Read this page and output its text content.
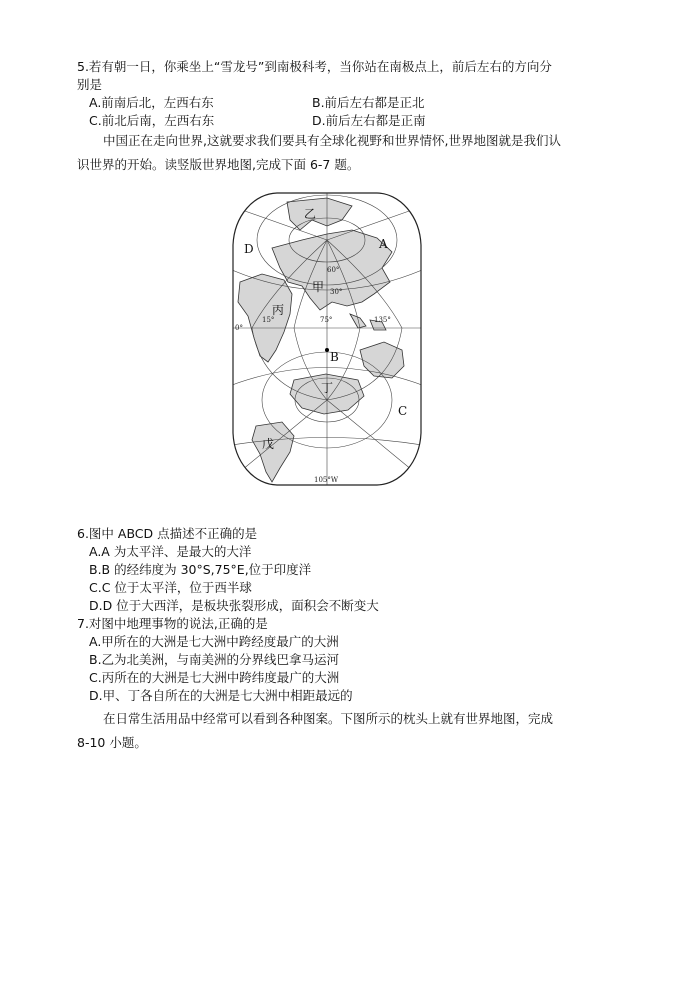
5.若有朝一日，你乘坐上“雪龙号”到南极科考，当你站在南极点上，前后左右的方向分
别是
A.前南后北，左西右东	B.前后左右都是正北
C.前北后南，左西右东	D.前后左右都是正南
中国正在走向世界,这就要求我们要具有全球化视野和世界情怀,世界地图就是我们认
识世界的开始。读竖版世界地图,完成下面 6-7 题。
乙
甲
丙
丁
戊
A
B
C
D
60°
30°
15°
0°
75°	135°
105°W
6.图中 ABCD 点描述不正确的是
A.A 为太平洋、是最大的大洋
B.B 的经纬度为 30°S,75°E,位于印度洋
C.C 位于太平洋，位于西半球
D.D 位于大西洋，是板块张裂形成，面积会不断变大
7.对图中地理事物的说法,正确的是
A.甲所在的大洲是七大洲中跨经度最广的大洲
B.乙为北美洲，与南美洲的分界线巴拿马运河
C.丙所在的大洲是七大洲中跨纬度最广的大洲
D.甲、丁各自所在的大洲是七大洲中相距最远的
在日常生活用品中经常可以看到各种图案。下图所示的枕头上就有世界地图，完成
8-10 小题。
